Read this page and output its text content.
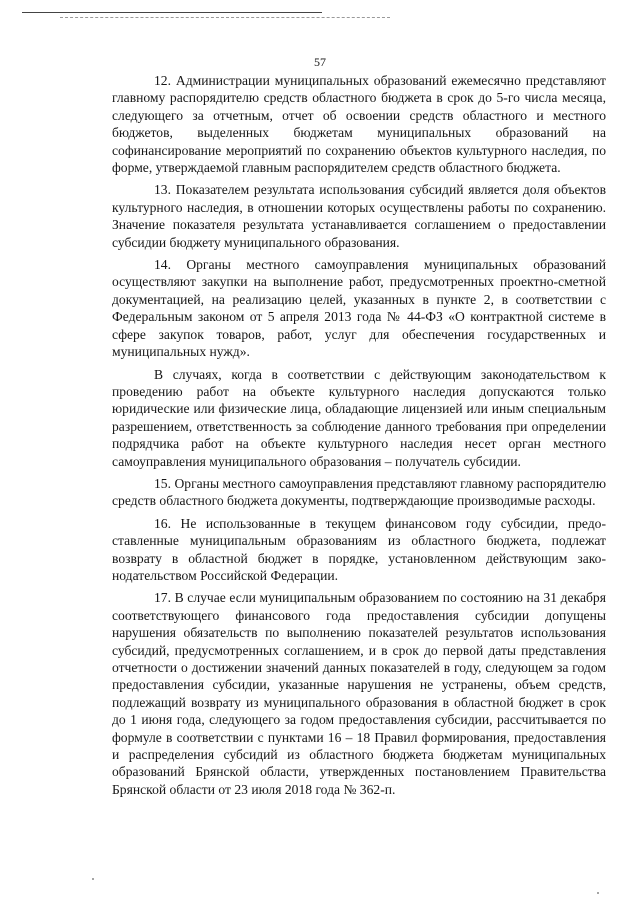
57

12. Администрации муниципальных образований ежемесячно представляют главному распорядителю средств областного бюджета в срок до 5-го числа месяца, следующего за отчетным, отчет об освоении средств областного и местного бюджетов, выделенных бюджетам муниципальных образований на софинансирование мероприятий по сохранению объектов культурного наследия, по форме, утверждаемой главным распорядителем средств областного бюджета.

13. Показателем результата использования субсидий является доля объектов культурного наследия, в отношении которых осуществлены работы по сохранению. Значение показателя результата устанавливается соглашением о предоставлении субсидии бюджету муниципального образования.

14. Органы местного самоуправления муниципальных образований осуществляют закупки на выполнение работ, предусмотренных проектно-сметной документацией, на реализацию целей, указанных в пункте 2, в соответствии с Федеральным законом от 5 апреля 2013 года № 44-ФЗ «О контрактной системе в сфере закупок товаров, работ, услуг для обеспечения государственных и муниципальных нужд».

В случаях, когда в соответствии с действующим законодательством к проведению работ на объекте культурного наследия допускаются только юридические или физические лица, обладающие лицензией или иным специальным разрешением, ответственность за соблюдение данного требования при определении подрядчика работ на объекте культурного наследия несет орган местного самоуправления муниципального образования – получатель субсидии.

15. Органы местного самоуправления представляют главному распорядителю средств областного бюджета документы, подтверждающие производимые расходы.

16. Не использованные в текущем финансовом году субсидии, предоставленные муниципальным образованиям из областного бюджета, подлежат возврату в областной бюджет в порядке, установленном действующим законодательством Российской Федерации.

17. В случае если муниципальным образованием по состоянию на 31 декабря соответствующего финансового года предоставления субсидии допущены нарушения обязательств по выполнению показателей результатов использования субсидий, предусмотренных соглашением, и в срок до первой даты представления отчетности о достижении значений данных показателей в году, следующем за годом предоставления субсидии, указанные нарушения не устранены, объем средств, подлежащий возврату из муниципального образования в областной бюджет в срок до 1 июня года, следующего за годом предоставления субсидии, рассчитывается по формуле в соответствии с пунктами 16 – 18 Правил формирования, предоставления и распределения субсидий из областного бюджета бюджетам муниципальных образований Брянской области, утвержденных постановлением Правительства Брянской области от 23 июля 2018 года № 362-п.
